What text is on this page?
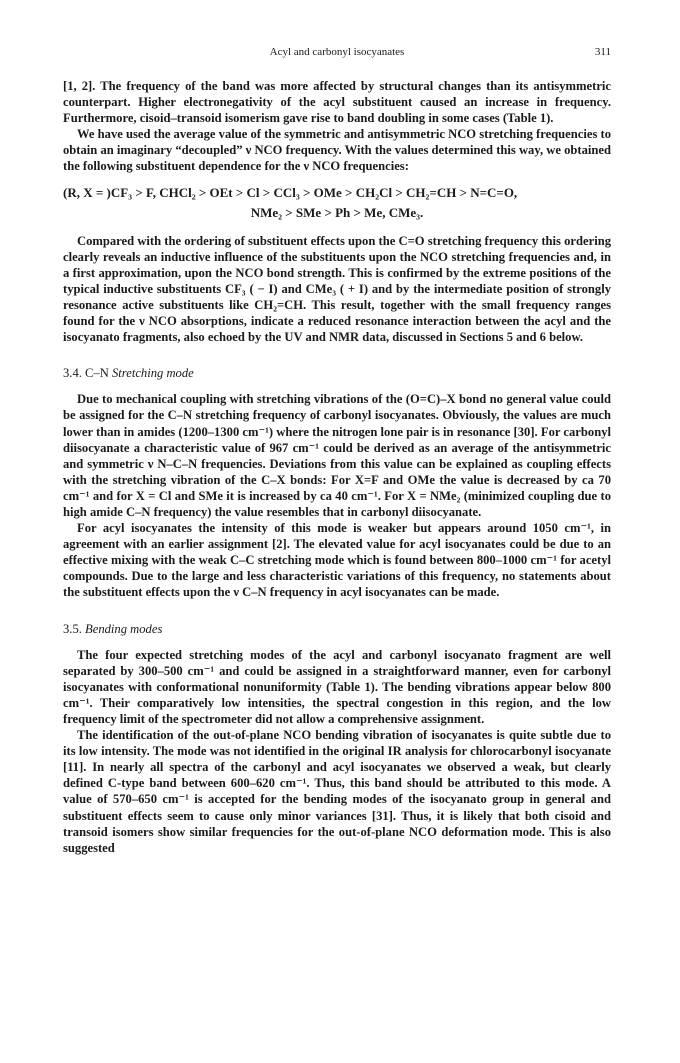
Acyl and carbonyl isocyanates	311

[1, 2]. The frequency of the band was more affected by structural changes than its antisymmetric counterpart. Higher electronegativity of the acyl substituent caused an increase in frequency. Furthermore, cisoid–transoid isomerism gave rise to band doubling in some cases (Table 1).

We have used the average value of the symmetric and antisymmetric NCO stretching frequencies to obtain an imaginary “decoupled” ν NCO frequency. With the values determined this way, we obtained the following substituent dependence for the ν NCO frequencies:

(R, X = )CF₃ > F, CHCl₂ > OEt > Cl > CCl₃ > OMe > CH₂Cl > CH₂=CH > N=C=O,
NMe₂ > SMe > Ph > Me, CMe₃.

Compared with the ordering of substituent effects upon the C=O stretching frequency this ordering clearly reveals an inductive influence of the substituents upon the NCO stretching frequencies and, in a first approximation, upon the NCO bond strength. This is confirmed by the extreme positions of the typical inductive substituents CF₃ ( − I) and CMe₃ ( + I) and by the intermediate position of strongly resonance active substituents like CH₂=CH. This result, together with the small frequency ranges found for the ν NCO absorptions, indicate a reduced resonance interaction between the acyl and the isocyanato fragments, also echoed by the UV and NMR data, discussed in Sections 5 and 6 below.

3.4. C–N Stretching mode

Due to mechanical coupling with stretching vibrations of the (O=C)–X bond no general value could be assigned for the C–N stretching frequency of carbonyl isocyanates. Obviously, the values are much lower than in amides (1200–1300 cm⁻¹) where the nitrogen lone pair is in resonance [30]. For carbonyl diisocyanate a characteristic value of 967 cm⁻¹ could be derived as an average of the antisymmetric and symmetric ν N–C–N frequencies. Deviations from this value can be explained as coupling effects with the stretching vibration of the C–X bonds: For X=F and OMe the value is decreased by ca 70 cm⁻¹ and for X = Cl and SMe it is increased by ca 40 cm⁻¹. For X = NMe₂ (minimized coupling due to high amide C–N frequency) the value resembles that in carbonyl diisocyanate.

For acyl isocyanates the intensity of this mode is weaker but appears around 1050 cm⁻¹, in agreement with an earlier assignment [2]. The elevated value for acyl isocyanates could be due to an effective mixing with the weak C–C stretching mode which is found between 800–1000 cm⁻¹ for acetyl compounds. Due to the large and less characteristic variations of this frequency, no statements about the substituent effects upon the ν C–N frequency in acyl isocyanates can be made.

3.5. Bending modes

The four expected stretching modes of the acyl and carbonyl isocyanato fragment are well separated by 300–500 cm⁻¹ and could be assigned in a straightforward manner, even for carbonyl isocyanates with conformational nonuniformity (Table 1). The bending vibrations appear below 800 cm⁻¹. Their comparatively low intensities, the spectral congestion in this region, and the low frequency limit of the spectrometer did not allow a comprehensive assignment.

The identification of the out-of-plane NCO bending vibration of isocyanates is quite subtle due to its low intensity. The mode was not identified in the original IR analysis for chlorocarbonyl isocyanate [11]. In nearly all spectra of the carbonyl and acyl isocyanates we observed a weak, but clearly defined C-type band between 600–620 cm⁻¹. Thus, this band should be attributed to this mode. A value of 570–650 cm⁻¹ is accepted for the bending modes of the isocyanato group in general and substituent effects seem to cause only minor variances [31]. Thus, it is likely that both cisoid and transoid isomers show similar frequencies for the out-of-plane NCO deformation mode. This is also suggested
